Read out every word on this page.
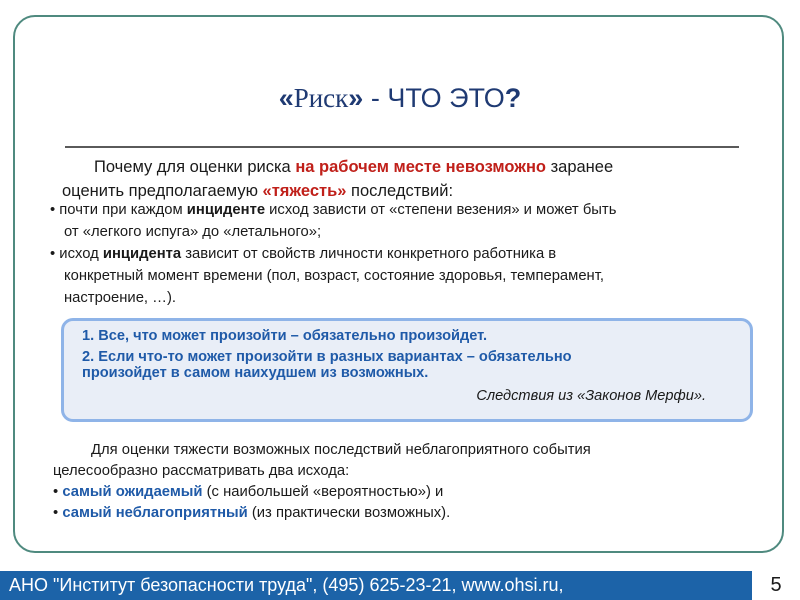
«Риск» - ЧТО ЭТО?

Почему для оценки риска на рабочем месте невозможно заранее

оценить предполагаемую «тяжесть» последствий:

• почти при каждом инциденте исход зависти от «степени везения» и может быть

от «легкого испуга» до «летального»;

• исход инцидента зависит от свойств личности конкретного работника в

конкретный момент времени (пол, возраст, состояние здоровья, темперамент,

настроение, …).

1. Все, что может произойти – обязательно произойдет.
2. Если что-то может произойти в разных вариантах – обязательно
произойдет в самом наихудшем из возможных.
Следствия из «Законов Мерфи».

Для оценки тяжести возможных последствий неблагоприятного события

целесообразно рассматривать два исхода:

• самый ожидаемый (с наибольшей «вероятностью») и

• самый неблагоприятный (из практически возможных).

АНО "Институт безопасности труда", (495) 625-23-21, www.ohsi.ru,	5
